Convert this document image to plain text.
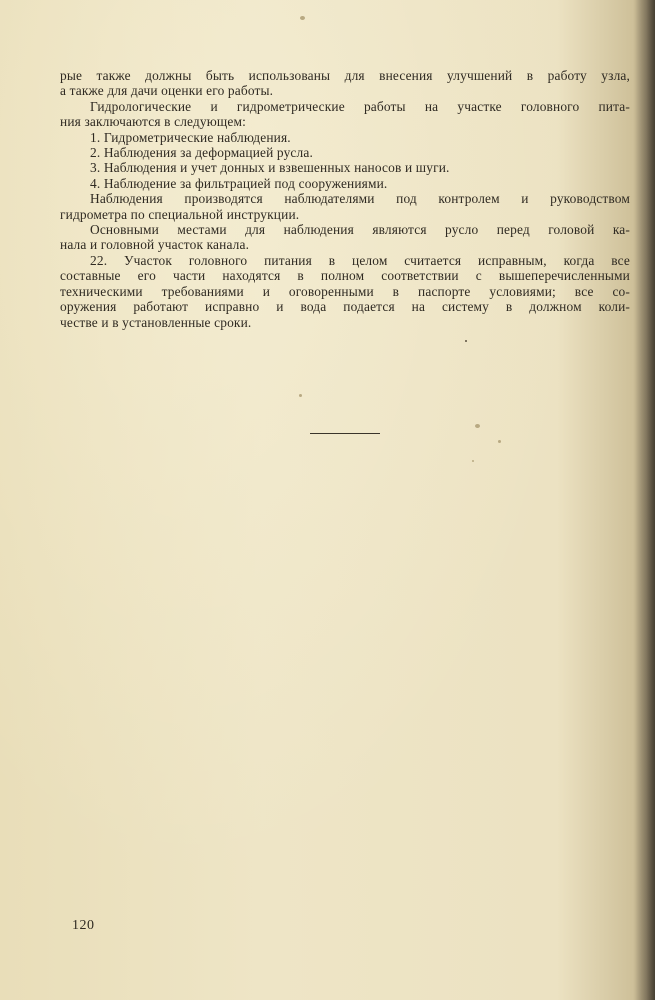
рые также должны быть использованы для внесения улучшений в работу узла,
а также для дачи оценки его работы.
Гидрологические и гидрометрические работы на участке головного пита-
ния заключаются в следующем:
1. Гидрометрические наблюдения.
2. Наблюдения за деформацией русла.
3. Наблюдения и учет донных и взвешенных наносов и шуги.
4. Наблюдение за фильтрацией под сооружениями.
Наблюдения производятся наблюдателями под контролем и руководством
гидрометра по специальной инструкции.
Основными местами для наблюдения являются русло перед головой ка-
нала и головной участок канала.
22. Участок головного питания в целом считается исправным, когда все
составные его части находятся в полном соответствии с вышеперечисленными
техническими требованиями и оговоренными в паспорте условиями; все со-
оружения работают исправно и вода подается на систему в должном коли-
честве и в установленные сроки.
120
